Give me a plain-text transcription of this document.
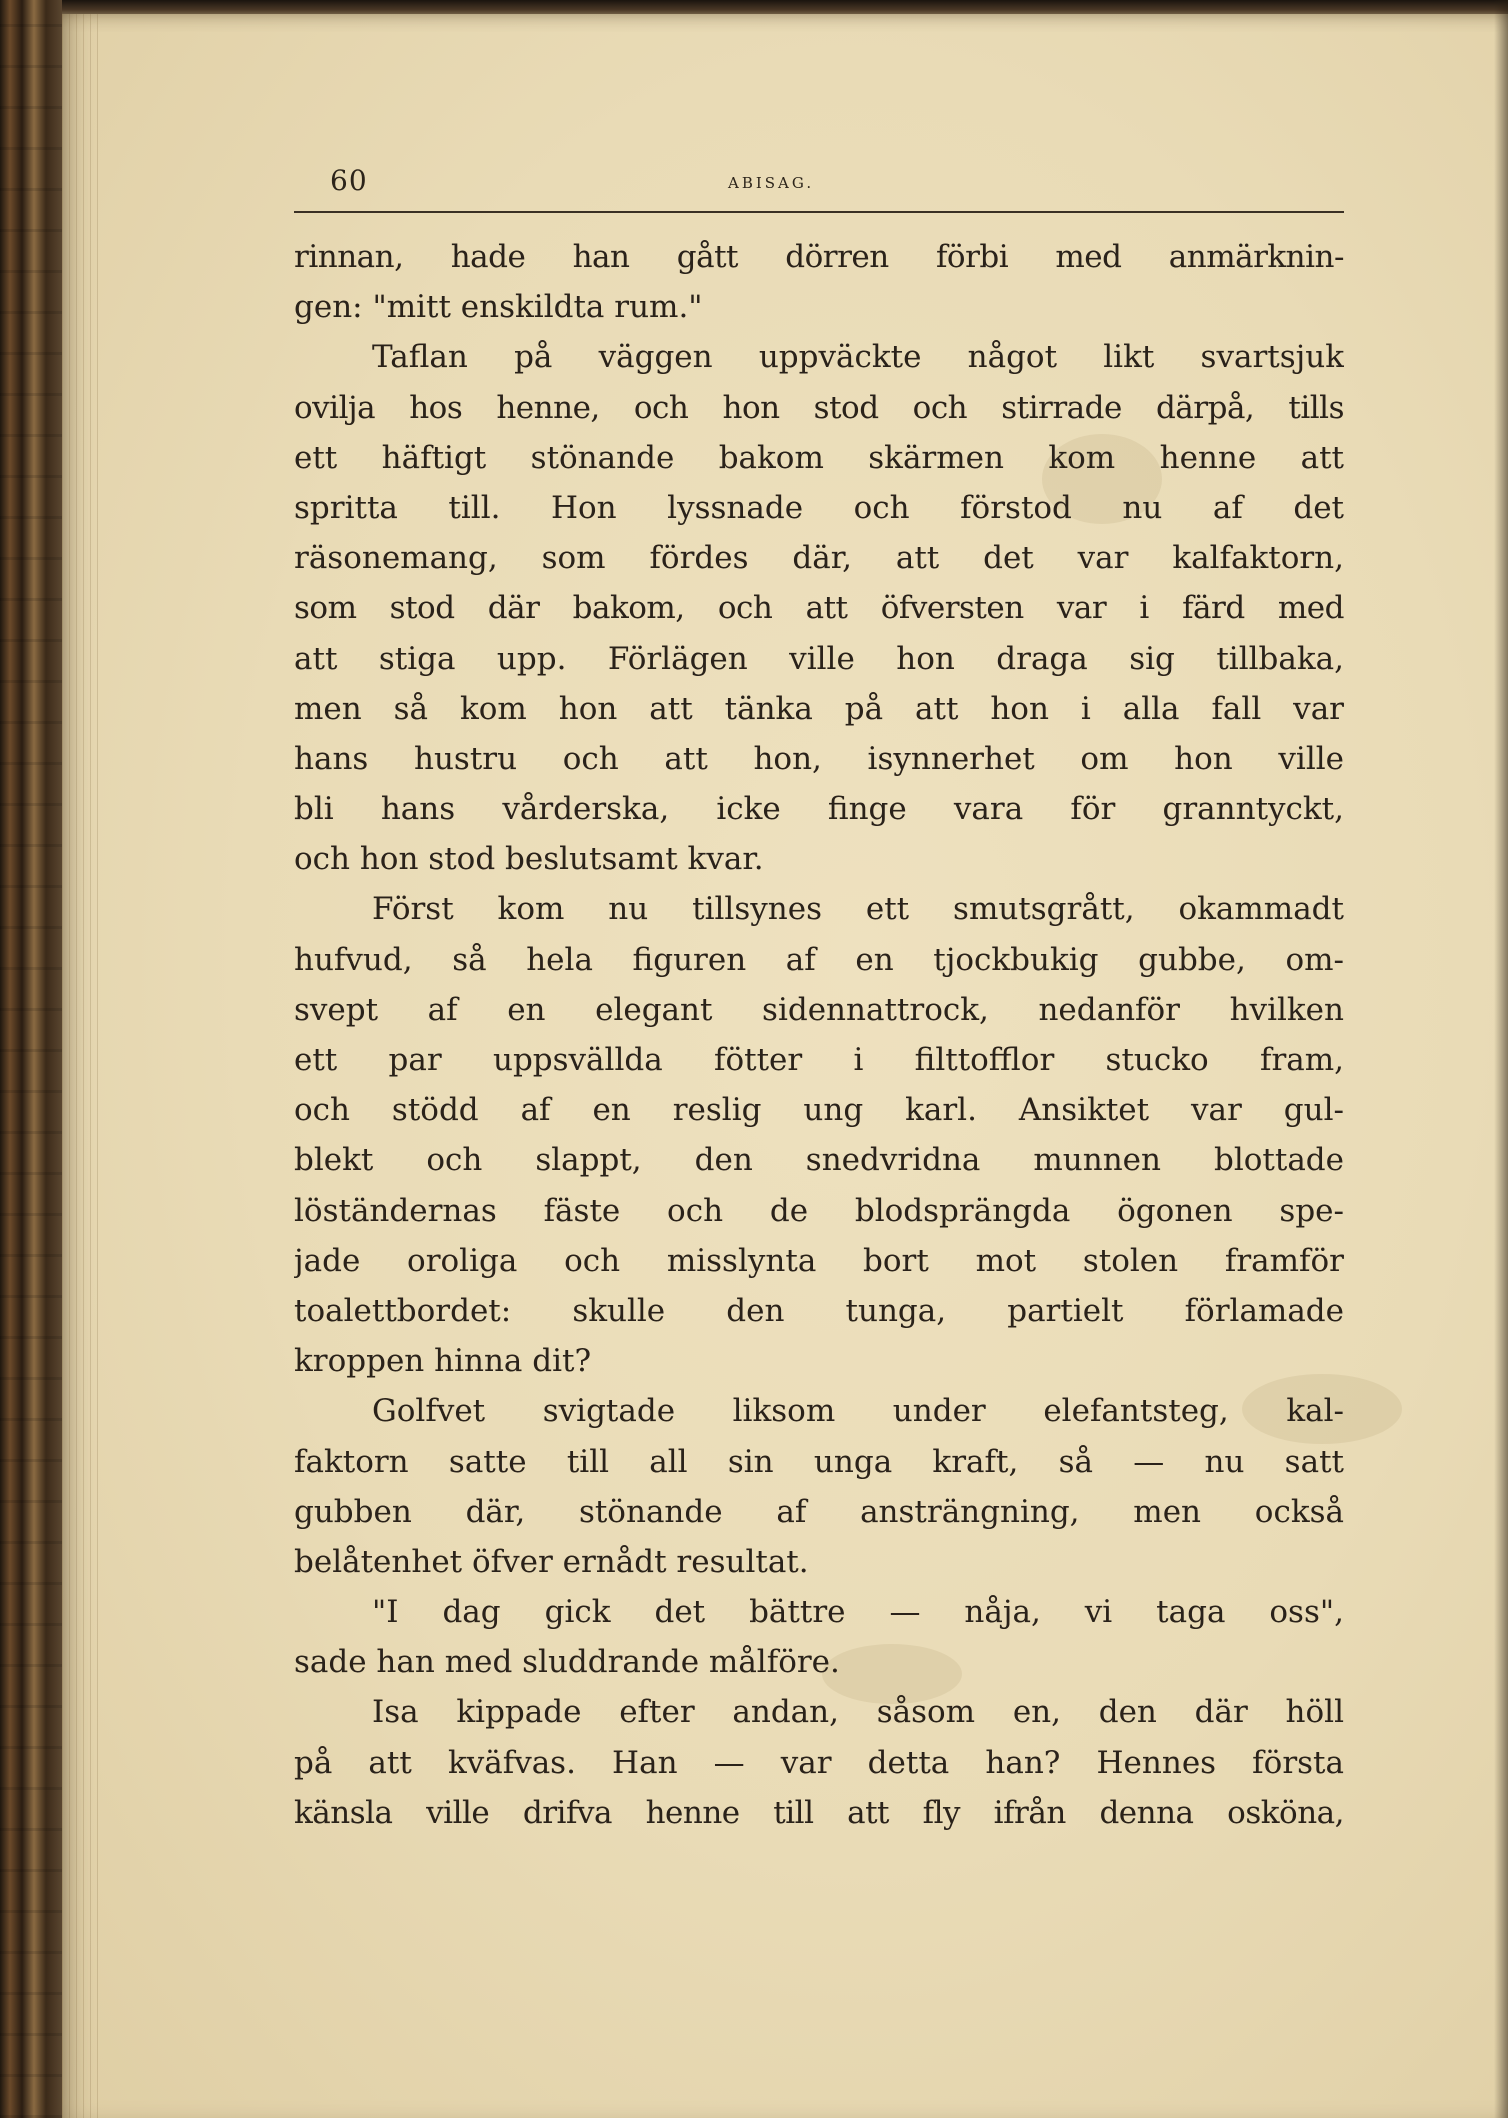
60	ABISAG.
rinnan, hade han gått dörren förbi med anmärknin-
gen: "mitt enskildta rum."
Taflan på väggen uppväckte något likt svartsjuk
ovilja hos henne, och hon stod och stirrade därpå, tills
ett häftigt stönande bakom skärmen kom henne att
spritta till. Hon lyssnade och förstod nu af det
räsonemang, som fördes där, att det var kalfaktorn,
som stod där bakom, och att öfversten var i färd med
att stiga upp. Förlägen ville hon draga sig tillbaka,
men så kom hon att tänka på att hon i alla fall var
hans hustru och att hon, isynnerhet om hon ville
bli hans vårderska, icke finge vara för granntyckt,
och hon stod beslutsamt kvar.
Först kom nu tillsynes ett smutsgrått, okammadt
hufvud, så hela figuren af en tjockbukig gubbe, om-
svept af en elegant sidennattrock, nedanför hvilken
ett par uppsvällda fötter i filttofflor stucko fram,
och stödd af en reslig ung karl. Ansiktet var gul-
blekt och slappt, den snedvridna munnen blottade
löständernas fäste och de blodsprängda ögonen spe-
jade oroliga och misslynta bort mot stolen framför
toalettbordet: skulle den tunga, partielt förlamade
kroppen hinna dit?
Golfvet svigtade liksom under elefantsteg, kal-
faktorn satte till all sin unga kraft, så — nu satt
gubben där, stönande af ansträngning, men också
belåtenhet öfver ernådt resultat.
"I dag gick det bättre — nåja, vi taga oss",
sade han med sluddrande målföre.
Isa kippade efter andan, såsom en, den där höll
på att kväfvas. Han — var detta han? Hennes första
känsla ville drifva henne till att fly ifrån denna osköna,
